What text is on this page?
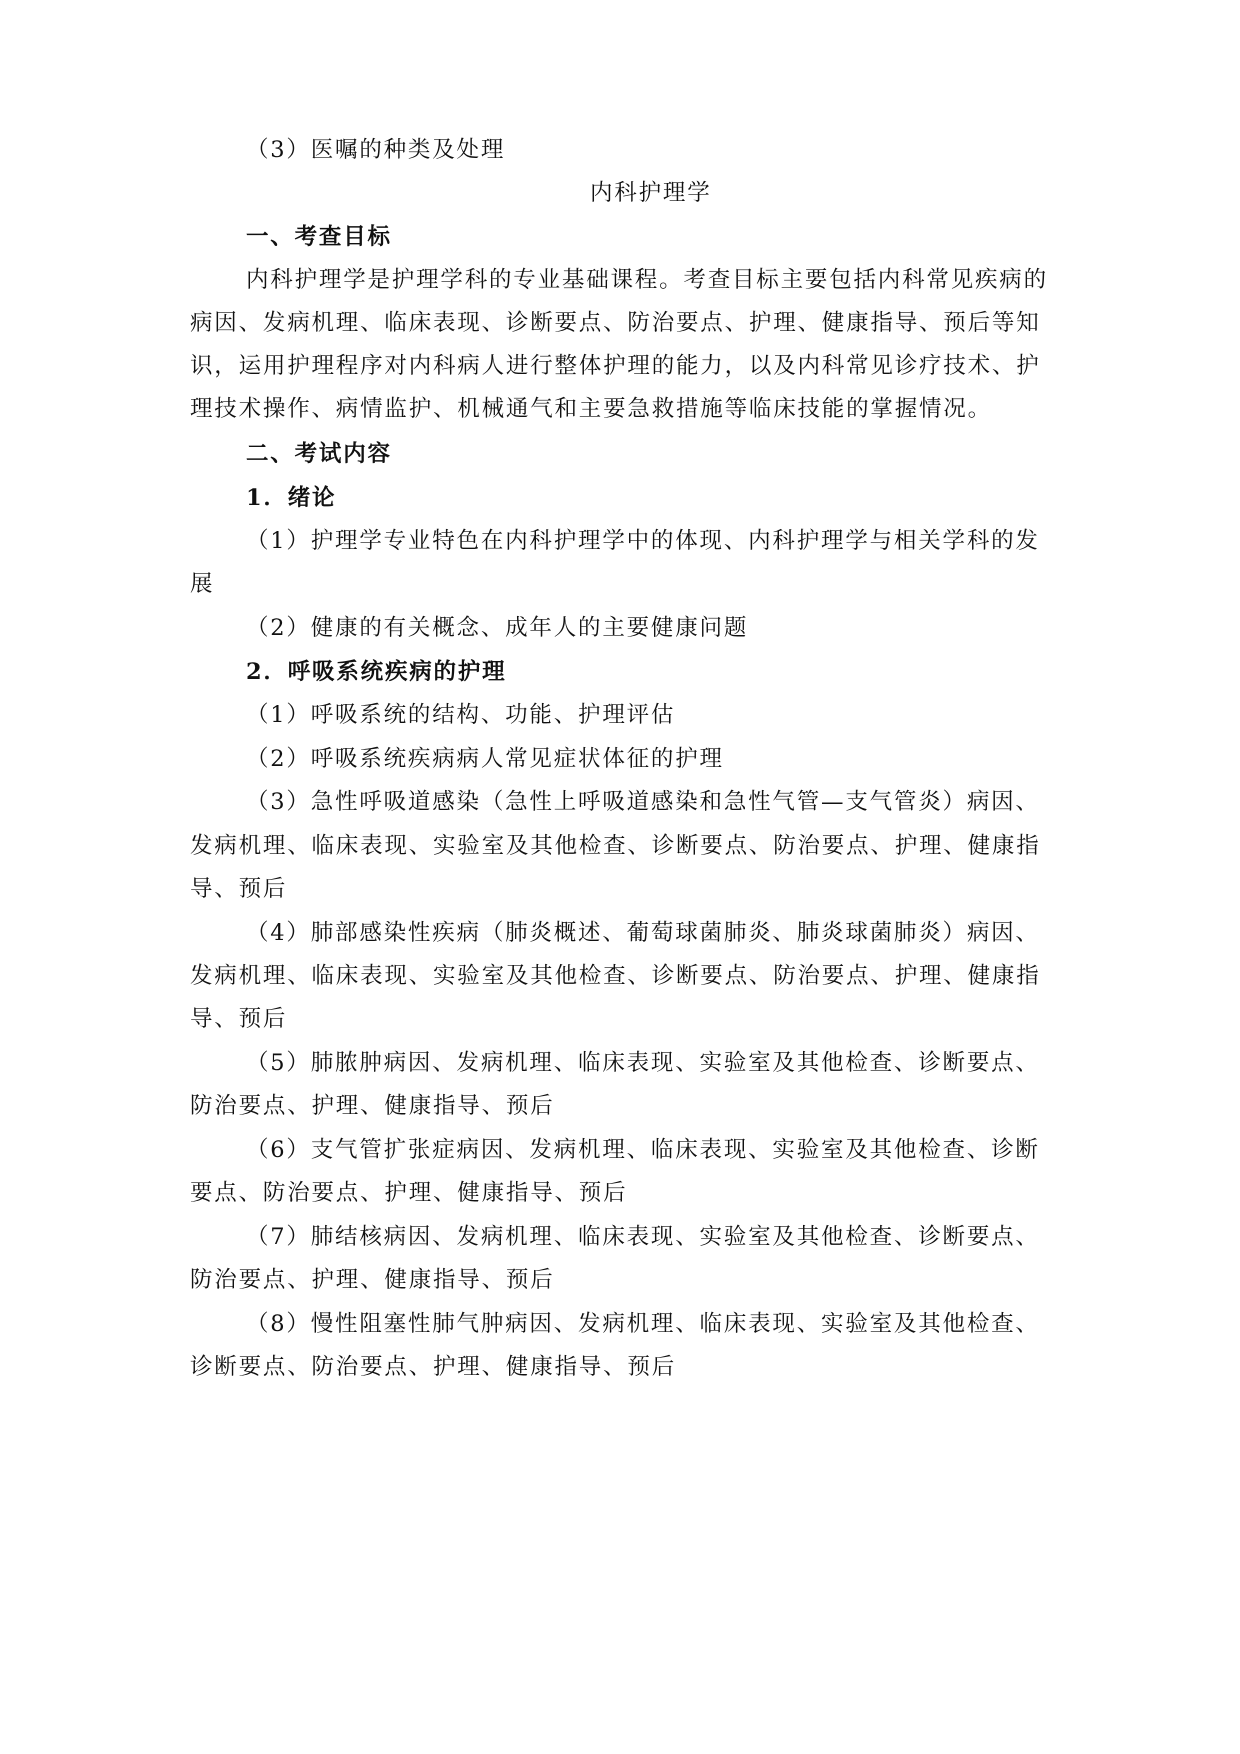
（3）医嘱的种类及处理
内科护理学
一、考查目标
内科护理学是护理学科的专业基础课程。考查目标主要包括内科常见疾病的
病因、发病机理、临床表现、诊断要点、防治要点、护理、健康指导、预后等知
识，运用护理程序对内科病人进行整体护理的能力，以及内科常见诊疗技术、护
理技术操作、病情监护、机械通气和主要急救措施等临床技能的掌握情况。
二、考试内容
1．绪论
（1）护理学专业特色在内科护理学中的体现、内科护理学与相关学科的发
展
（2）健康的有关概念、成年人的主要健康问题
2．呼吸系统疾病的护理
（1）呼吸系统的结构、功能、护理评估
（2）呼吸系统疾病病人常见症状体征的护理
（3）急性呼吸道感染（急性上呼吸道感染和急性气管—支气管炎）病因、
发病机理、临床表现、实验室及其他检查、诊断要点、防治要点、护理、健康指
导、预后
（4）肺部感染性疾病（肺炎概述、葡萄球菌肺炎、肺炎球菌肺炎）病因、
发病机理、临床表现、实验室及其他检查、诊断要点、防治要点、护理、健康指
导、预后
（5）肺脓肿病因、发病机理、临床表现、实验室及其他检查、诊断要点、
防治要点、护理、健康指导、预后
（6）支气管扩张症病因、发病机理、临床表现、实验室及其他检查、诊断
要点、防治要点、护理、健康指导、预后
（7）肺结核病因、发病机理、临床表现、实验室及其他检查、诊断要点、
防治要点、护理、健康指导、预后
（8）慢性阻塞性肺气肿病因、发病机理、临床表现、实验室及其他检查、
诊断要点、防治要点、护理、健康指导、预后
